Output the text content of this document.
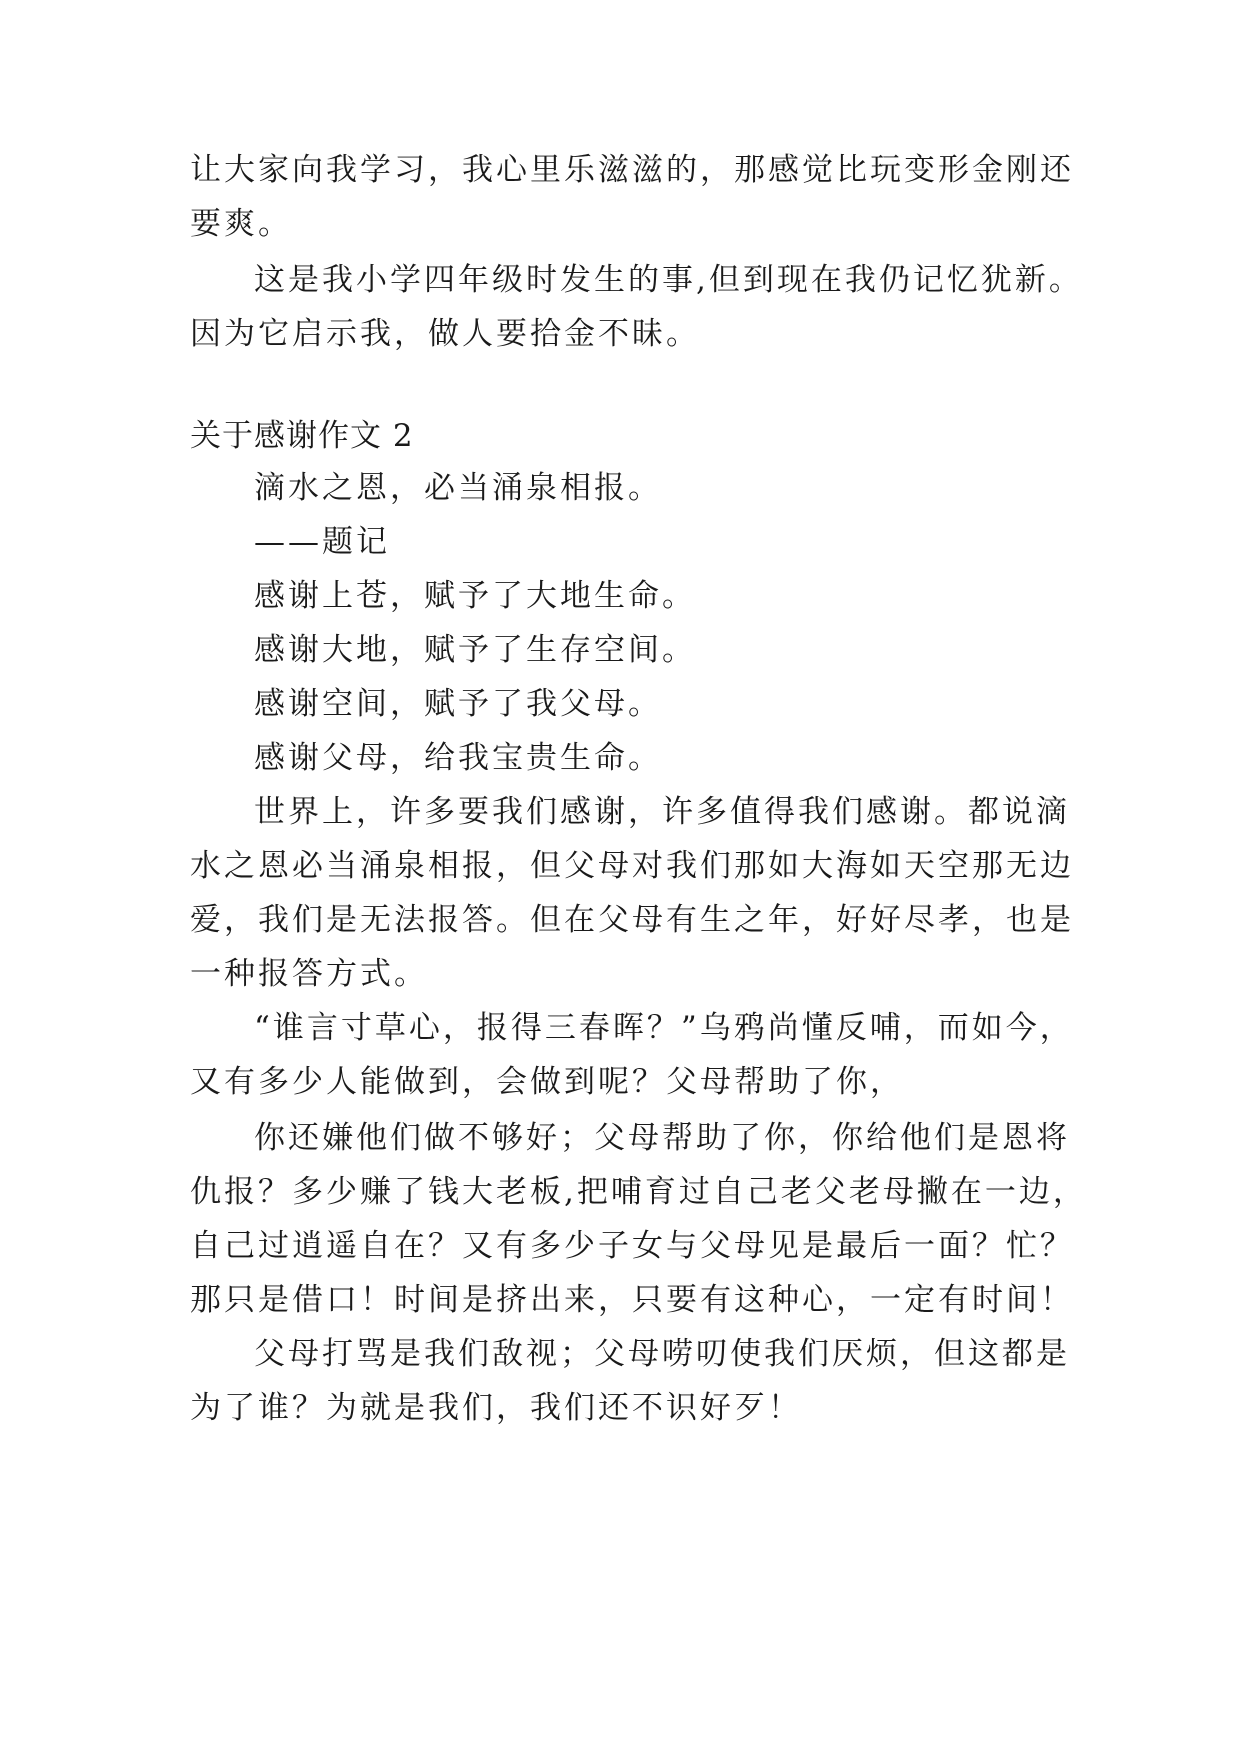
让大家向我学习，我心里乐滋滋的，那感觉比玩变形金刚还

要爽。

这是我小学四年级时发生的事,但到现在我仍记忆犹新。

因为它启示我，做人要拾金不昧。

关于感谢作文 2

滴水之恩，必当涌泉相报。

——题记

感谢上苍，赋予了大地生命。

感谢大地，赋予了生存空间。

感谢空间，赋予了我父母。

感谢父母，给我宝贵生命。

世界上，许多要我们感谢，许多值得我们感谢。都说滴

水之恩必当涌泉相报，但父母对我们那如大海如天空那无边

爱，我们是无法报答。但在父母有生之年，好好尽孝，也是

一种报答方式。

“谁言寸草心，报得三春晖？”乌鸦尚懂反哺，而如今，

又有多少人能做到，会做到呢？父母帮助了你，

你还嫌他们做不够好；父母帮助了你，你给他们是恩将

仇报？多少赚了钱大老板,把哺育过自己老父老母撇在一边，

自己过逍遥自在？又有多少子女与父母见是最后一面？忙？

那只是借口！时间是挤出来，只要有这种心，一定有时间！

父母打骂是我们敌视；父母唠叨使我们厌烦，但这都是

为了谁？为就是我们，我们还不识好歹！
